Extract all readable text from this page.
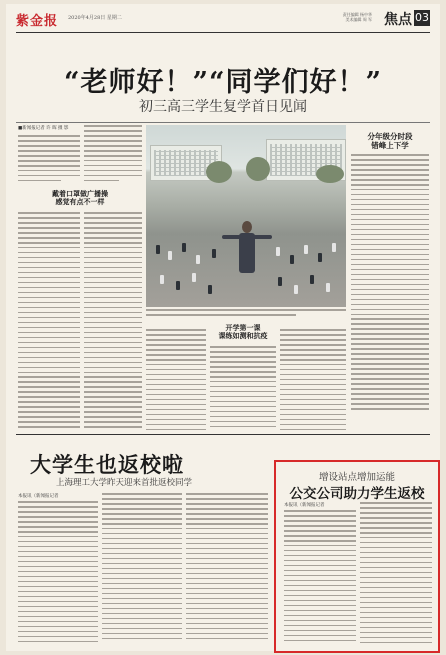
紫金报 2020年4月28日 星期二
责任编辑 杨中华
美术编辑 周 军 焦点 03
“老师好！”“同学们好！”
初三高三学生复学首日见闻
■新闻报记者 许 晖 摄 影
戴着口罩做广播操
感觉有点不一样
分年级分时段
错峰上下学
开学第一课
课练如测和抗疫
大学生也返校啦
上海理工大学昨天迎来首批返校同学
本报讯（新闻报记者
增设站点增加运能
公交公司助力学生返校
本报讯（新闻报记者
